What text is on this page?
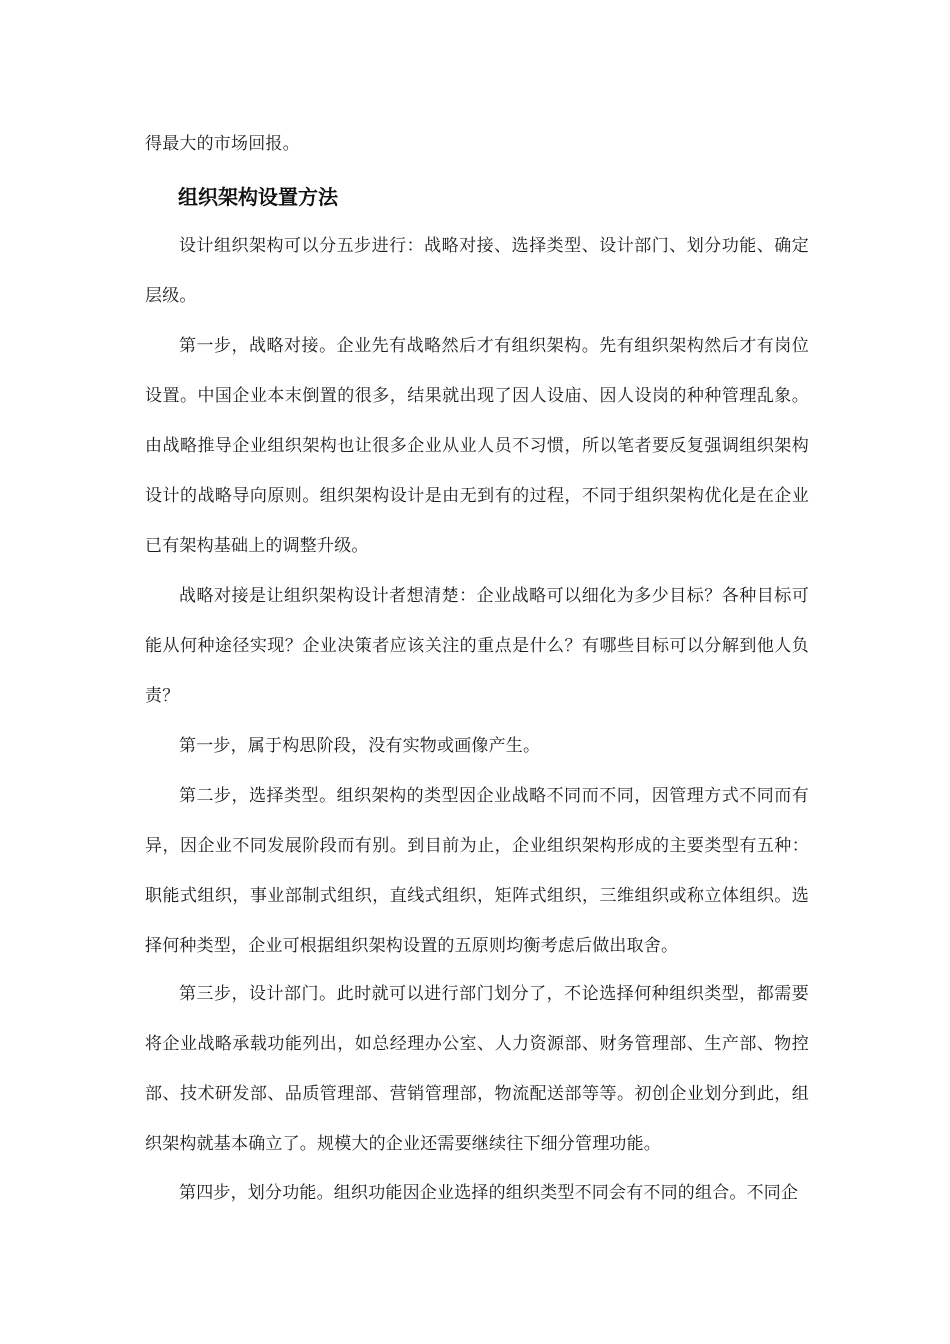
得最大的市场回报。
组织架构设置方法
设计组织架构可以分五步进行：战略对接、选择类型、设计部门、划分功能、确定层级。
第一步，战略对接。企业先有战略然后才有组织架构。先有组织架构然后才有岗位设置。中国企业本末倒置的很多，结果就出现了因人设庙、因人设岗的种种管理乱象。由战略推导企业组织架构也让很多企业从业人员不习惯，所以笔者要反复强调组织架构设计的战略导向原则。组织架构设计是由无到有的过程，不同于组织架构优化是在企业已有架构基础上的调整升级。
战略对接是让组织架构设计者想清楚：企业战略可以细化为多少目标？各种目标可能从何种途径实现？企业决策者应该关注的重点是什么？有哪些目标可以分解到他人负责？
第一步，属于构思阶段，没有实物或画像产生。
第二步，选择类型。组织架构的类型因企业战略不同而不同，因管理方式不同而有异，因企业不同发展阶段而有别。到目前为止，企业组织架构形成的主要类型有五种：职能式组织，事业部制式组织，直线式组织，矩阵式组织，三维组织或称立体组织。选择何种类型，企业可根据组织架构设置的五原则均衡考虑后做出取舍。
第三步，设计部门。此时就可以进行部门划分了，不论选择何种组织类型，都需要将企业战略承载功能列出，如总经理办公室、人力资源部、财务管理部、生产部、物控部、技术研发部、品质管理部、营销管理部，物流配送部等等。初创企业划分到此，组织架构就基本确立了。规模大的企业还需要继续往下细分管理功能。
第四步，划分功能。组织功能因企业选择的组织类型不同会有不同的组合。不同企
